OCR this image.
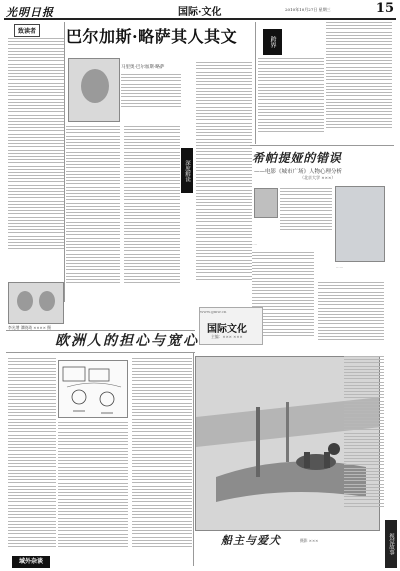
光明日报	国际·文化	2010年10月27日 星期三	15
致读者 巴尔加斯·略萨其人其文	跨界
马里奥·巴尔加斯·略萨
深度解读
李光增 谭晓琦 ×××× 摄
希帕提娅的错误
——电影《城市广场》人物心理分析
（北京大学 ×××）
……
……
www.gmw.cn
国际文化
主编：××× ×××
欧洲人的担心与宽心
船主与爱犬	摄影 ×××	视觉故事
域外杂谈
